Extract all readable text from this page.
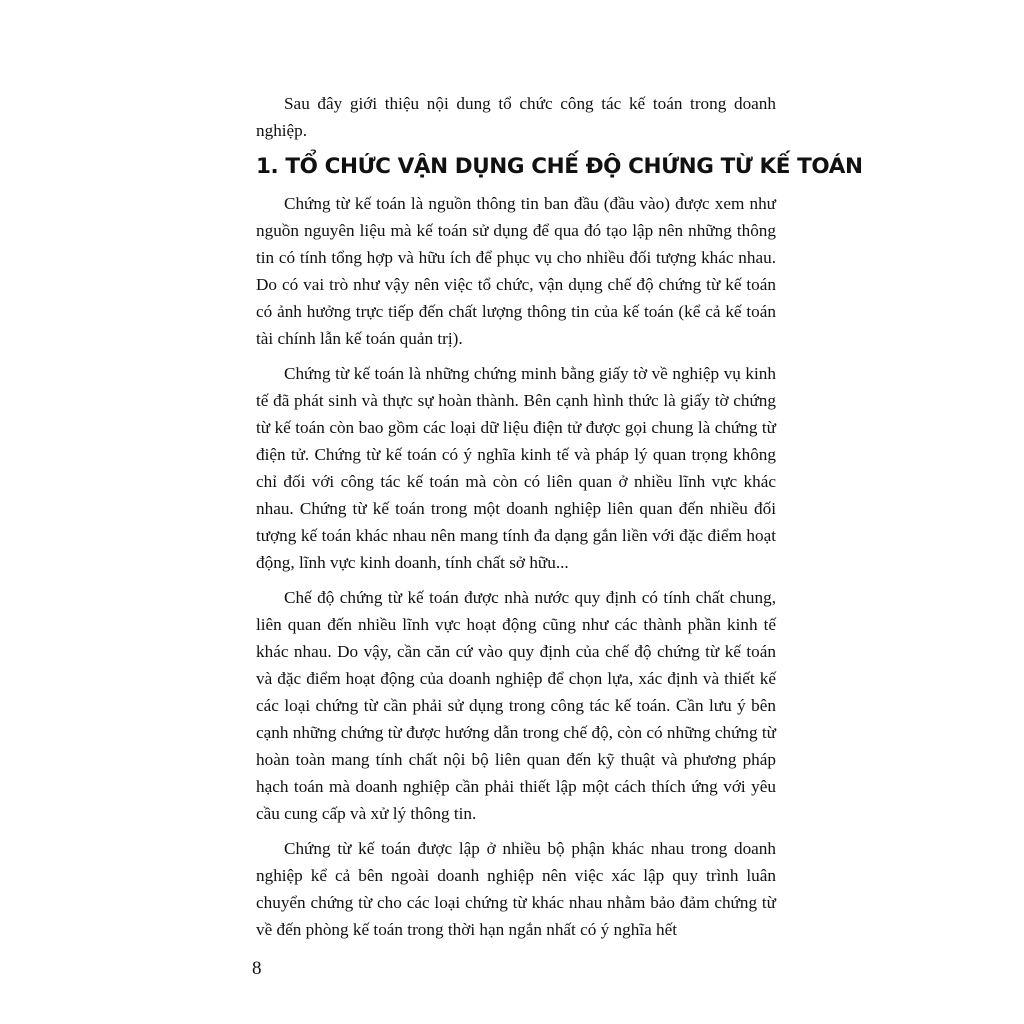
Sau đây giới thiệu nội dung tổ chức công tác kế toán trong doanh nghiệp.

1. TỔ CHỨC VẬN DỤNG CHẾ ĐỘ CHỨNG TỪ KẾ TOÁN

Chứng từ kế toán là nguồn thông tin ban đầu (đầu vào) được xem như nguồn nguyên liệu mà kế toán sử dụng để qua đó tạo lập nên những thông tin có tính tổng hợp và hữu ích để phục vụ cho nhiều đối tượng khác nhau. Do có vai trò như vậy nên việc tổ chức, vận dụng chế độ chứng từ kế toán có ảnh hưởng trực tiếp đến chất lượng thông tin của kế toán (kể cả kế toán tài chính lẫn kế toán quản trị).

Chứng từ kế toán là những chứng minh bằng giấy tờ về nghiệp vụ kinh tế đã phát sinh và thực sự hoàn thành. Bên cạnh hình thức là giấy tờ chứng từ kế toán còn bao gồm các loại dữ liệu điện tử được gọi chung là chứng từ điện tử. Chứng từ kế toán có ý nghĩa kinh tế và pháp lý quan trọng không chỉ đối với công tác kế toán mà còn có liên quan ở nhiều lĩnh vực khác nhau. Chứng từ kế toán trong một doanh nghiệp liên quan đến nhiều đối tượng kế toán khác nhau nên mang tính đa dạng gắn liền với đặc điểm hoạt động, lĩnh vực kinh doanh, tính chất sở hữu...

Chế độ chứng từ kế toán được nhà nước quy định có tính chất chung, liên quan đến nhiều lĩnh vực hoạt động cũng như các thành phần kinh tế khác nhau. Do vậy, cần căn cứ vào quy định của chế độ chứng từ kế toán và đặc điểm hoạt động của doanh nghiệp để chọn lựa, xác định và thiết kế các loại chứng từ cần phải sử dụng trong công tác kế toán. Cần lưu ý bên cạnh những chứng từ được hướng dẫn trong chế độ, còn có những chứng từ hoàn toàn mang tính chất nội bộ liên quan đến kỹ thuật và phương pháp hạch toán mà doanh nghiệp cần phải thiết lập một cách thích ứng với yêu cầu cung cấp và xử lý thông tin.

Chứng từ kế toán được lập ở nhiều bộ phận khác nhau trong doanh nghiệp kể cả bên ngoài doanh nghiệp nên việc xác lập quy trình luân chuyển chứng từ cho các loại chứng từ khác nhau nhằm bảo đảm chứng từ về đến phòng kế toán trong thời hạn ngắn nhất có ý nghĩa hết

8
